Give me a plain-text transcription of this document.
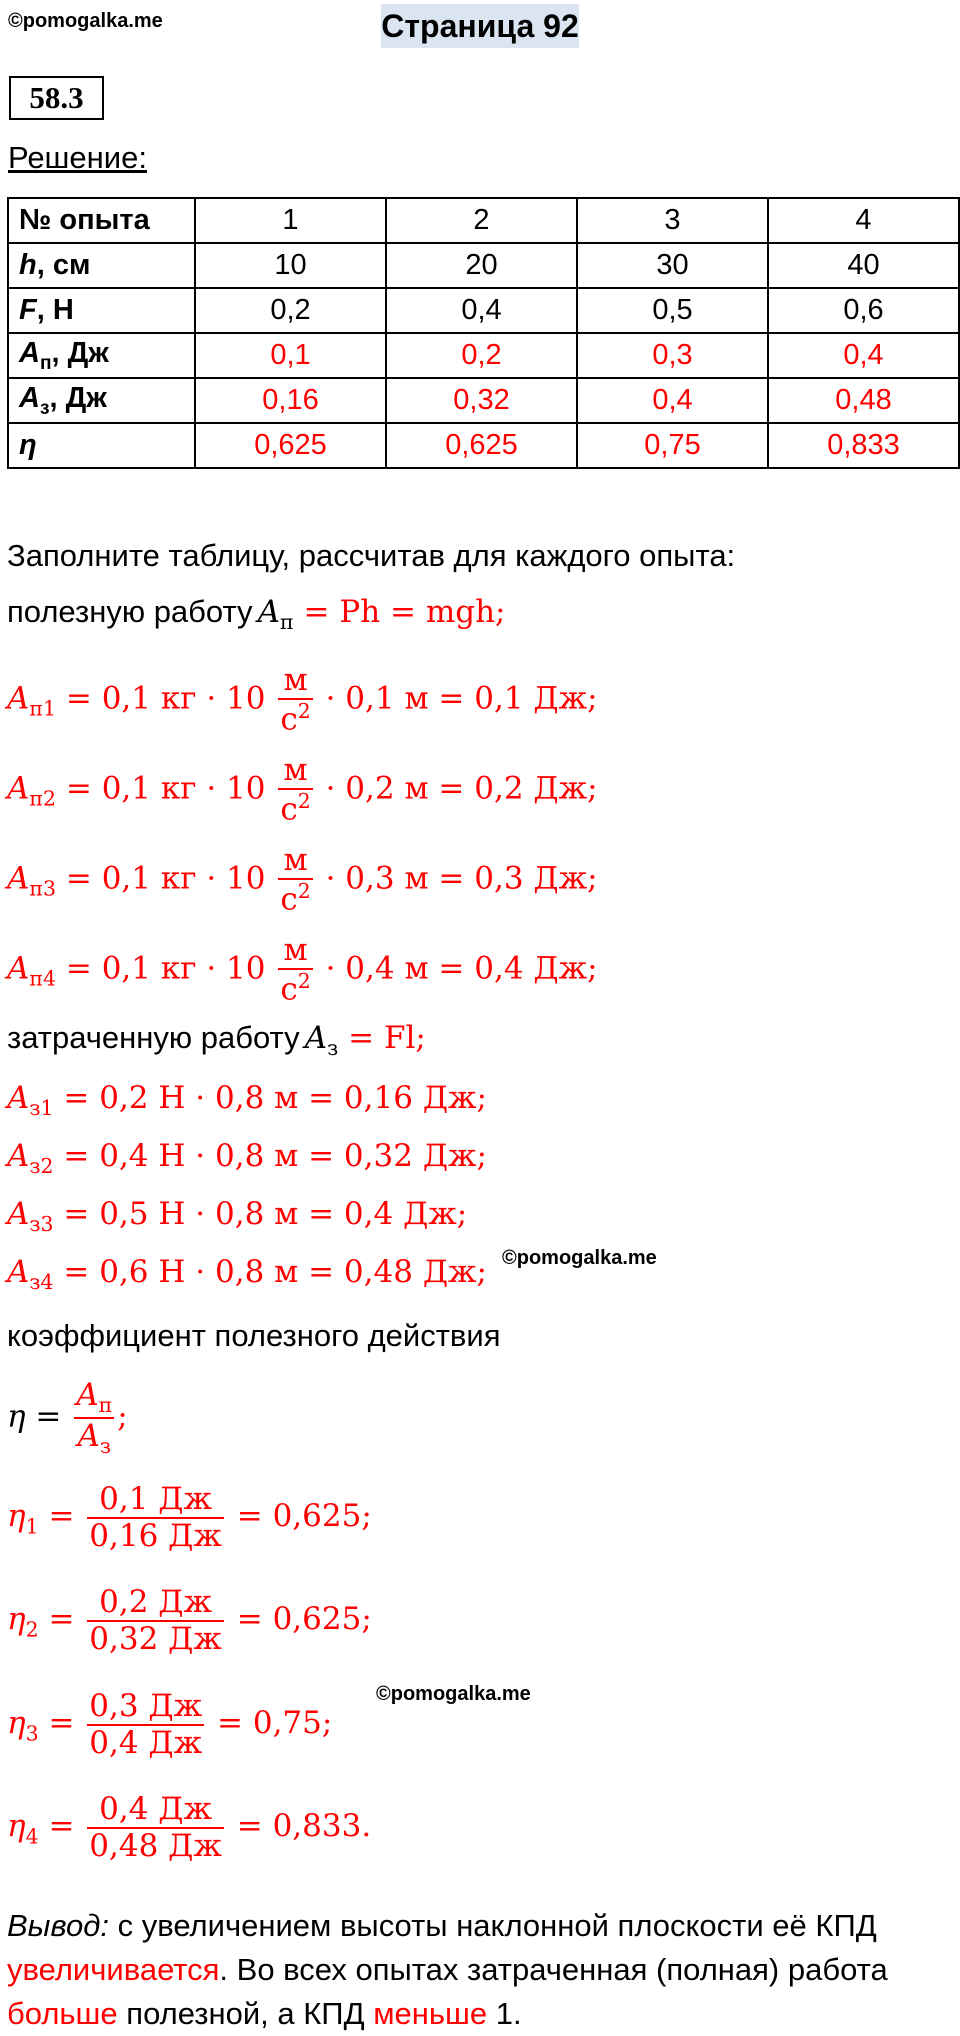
©pomogalka.me
©pomogalka.me
©pomogalka.me
Страница 92
58.3
Решение:
№ опыта	1	2	3	4
h, см	10	20	30	40
F, Н	0,2	0,4	0,5	0,6
$A_п$, Дж	0,1	0,2	0,3	0,4
$A_з$, Дж	0,16	0,32	0,4	0,48
η	0,625	0,625	0,75	0,833
Заполните таблицу, рассчитав для каждого опыта:
полезную работу $A_п = Ph$ = mgh;
$A_{п1} = 0,1$ кг · $10 \frac{м}{с^2} \cdot 0,1$ м = 0,1 Дж;
$A_{п2} = 0,1$ кг · $10 \frac{м}{с^2} \cdot 0,2$ м = 0,2 Дж;
$A_{п3} = 0,1$ кг · $10 \frac{м}{с^2} \cdot 0,3$ м = 0,3 Дж;
$A_{п4} = 0,1$ кг · $10 \frac{м}{с^2} \cdot 0,4$ м = 0,4 Дж;
затраченную работу $A_з = Fl$;
$A_{з1} = 0,2$ Н · 0,8 м = 0,16 Дж;
$A_{з2} = 0,4$ Н · 0,8 м = 0,32 Дж;
$A_{з3} = 0,5$ Н · 0,8 м = 0,4 Дж;
$A_{з4} = 0,6$ Н · 0,8 м = 0,48 Дж;
коэффициент полезного действия
$\eta = \frac{A_п}{A_з}$ ;
$\eta_1 = \frac{0,1 Дж}{0,16 Дж} = 0,625$;
$\eta_2 = \frac{0,2 Дж}{0,32 Дж} = 0,625$;
$\eta_3 = \frac{0,3 Дж}{0,4 Дж} = 0,75$;
$\eta_4 = \frac{0,4 Дж}{0,48 Дж} = 0,833$.
Вывод: с увеличением высоты наклонной плоскости её КПД увеличивается. Во всех опытах затраченная (полная) работа больше полезной, а КПД меньше 1.
